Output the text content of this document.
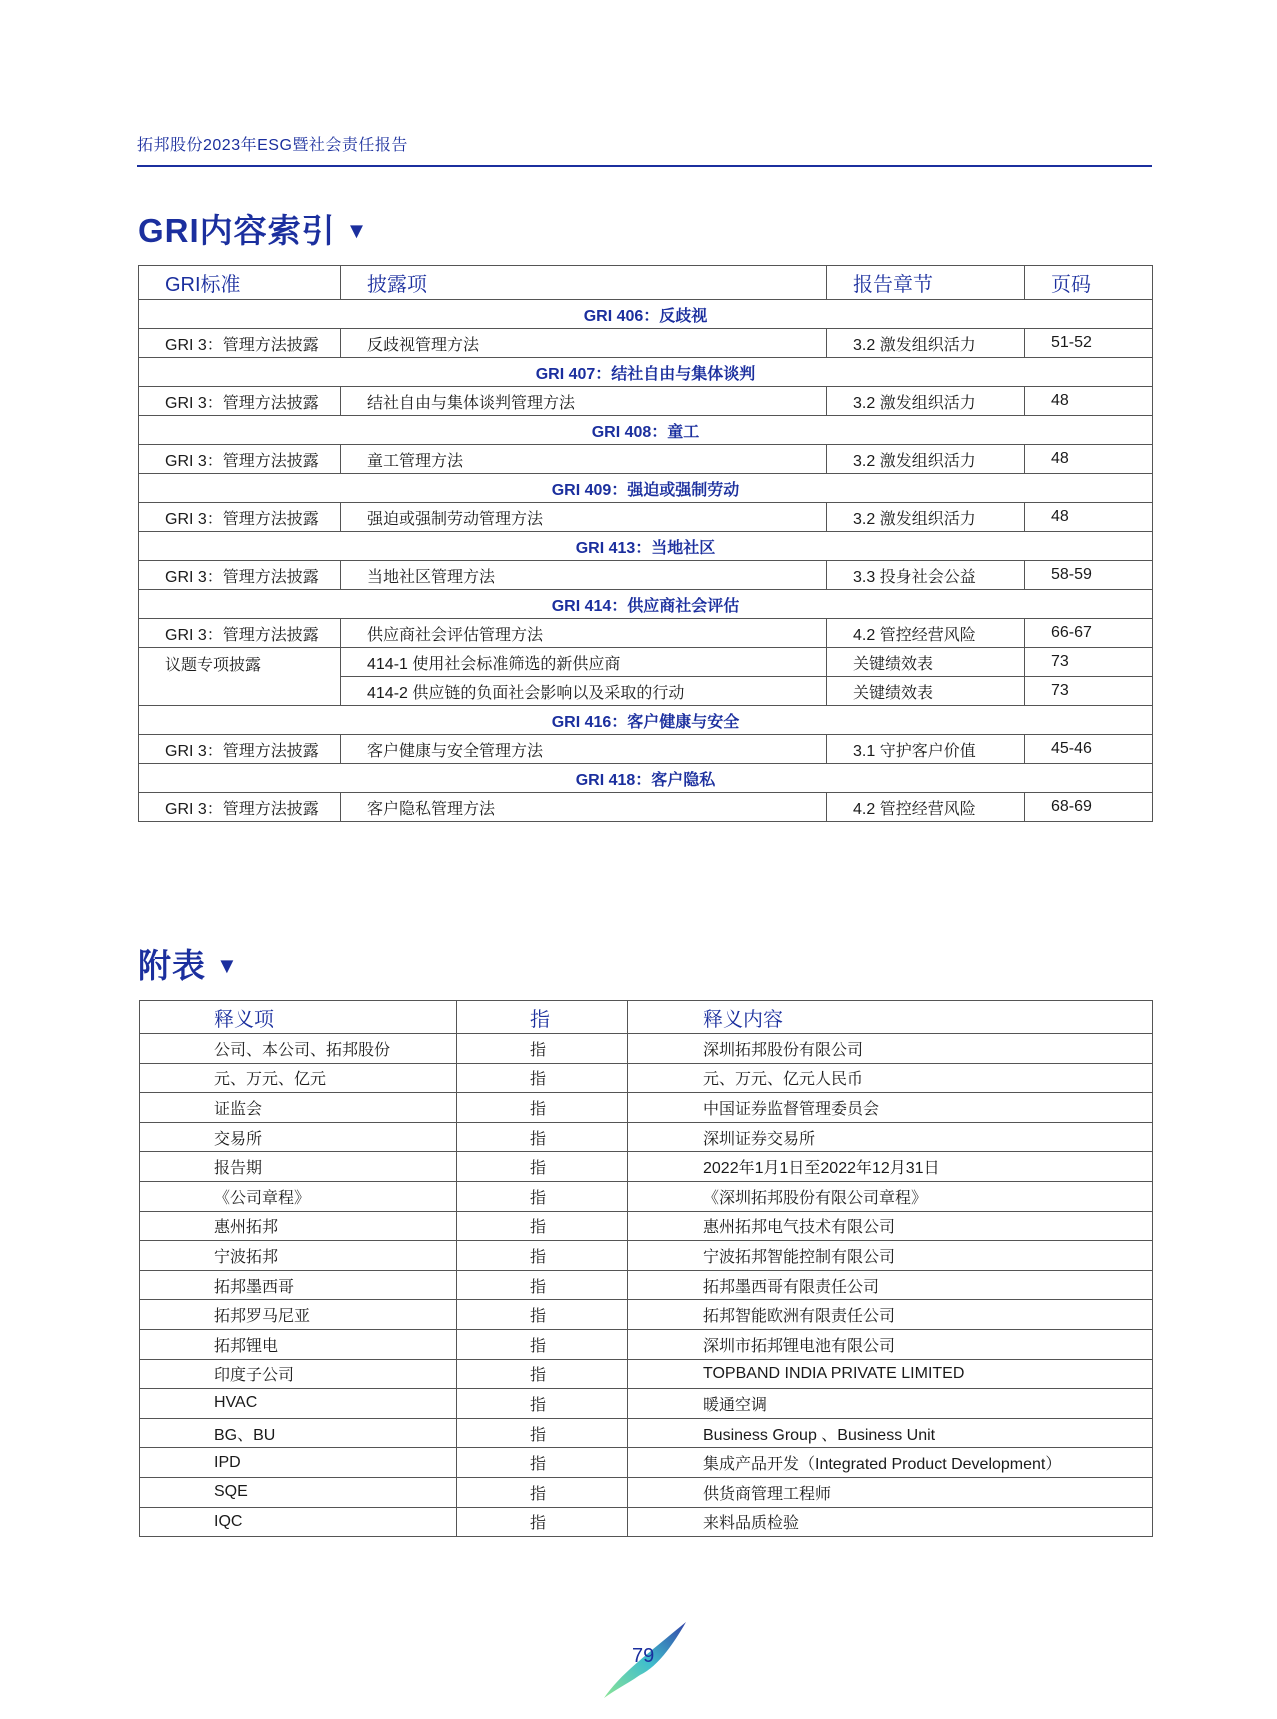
拓邦股份2023年ESG暨社会责任报告
GRI内容索引 ▼
GRI标准	披露项	报告章节	页码
GRI 406：反歧视			
GRI 3：管理方法披露	反歧视管理方法	3.2 激发组织活力	51-52
GRI 407：结社自由与集体谈判			
GRI 3：管理方法披露	结社自由与集体谈判管理方法	3.2 激发组织活力	48
GRI 408：童工			
GRI 3：管理方法披露	童工管理方法	3.2 激发组织活力	48
GRI 409：强迫或强制劳动			
GRI 3：管理方法披露	强迫或强制劳动管理方法	3.2 激发组织活力	48
GRI 413：当地社区			
GRI 3：管理方法披露	当地社区管理方法	3.3 投身社会公益	58-59
GRI 414：供应商社会评估			
GRI 3：管理方法披露	供应商社会评估管理方法	4.2 管控经营风险	66-67
议题专项披露	414-1 使用社会标准筛选的新供应商	关键绩效表	73
	414-2 供应链的负面社会影响以及采取的行动	关键绩效表	73
GRI 416：客户健康与安全			
GRI 3：管理方法披露	客户健康与安全管理方法	3.1 守护客户价值	45-46
GRI 418：客户隐私			
GRI 3：管理方法披露	客户隐私管理方法	4.2 管控经营风险	68-69
附表 ▼
释义项	指	释义内容
公司、本公司、拓邦股份	指	深圳拓邦股份有限公司
元、万元、亿元	指	元、万元、亿元人民币
证监会	指	中国证券监督管理委员会
交易所	指	深圳证券交易所
报告期	指	2022年1月1日至2022年12月31日
《公司章程》	指	《深圳拓邦股份有限公司章程》
惠州拓邦	指	惠州拓邦电气技术有限公司
宁波拓邦	指	宁波拓邦智能控制有限公司
拓邦墨西哥	指	拓邦墨西哥有限责任公司
拓邦罗马尼亚	指	拓邦智能欧洲有限责任公司
拓邦锂电	指	深圳市拓邦锂电池有限公司
印度子公司	指	TOPBAND INDIA PRIVATE LIMITED
HVAC	指	暖通空调
BG、BU	指	Business Group 、Business Unit
IPD	指	集成产品开发（Integrated Product Development）
SQE	指	供货商管理工程师
IQC	指	来料品质检验
79
